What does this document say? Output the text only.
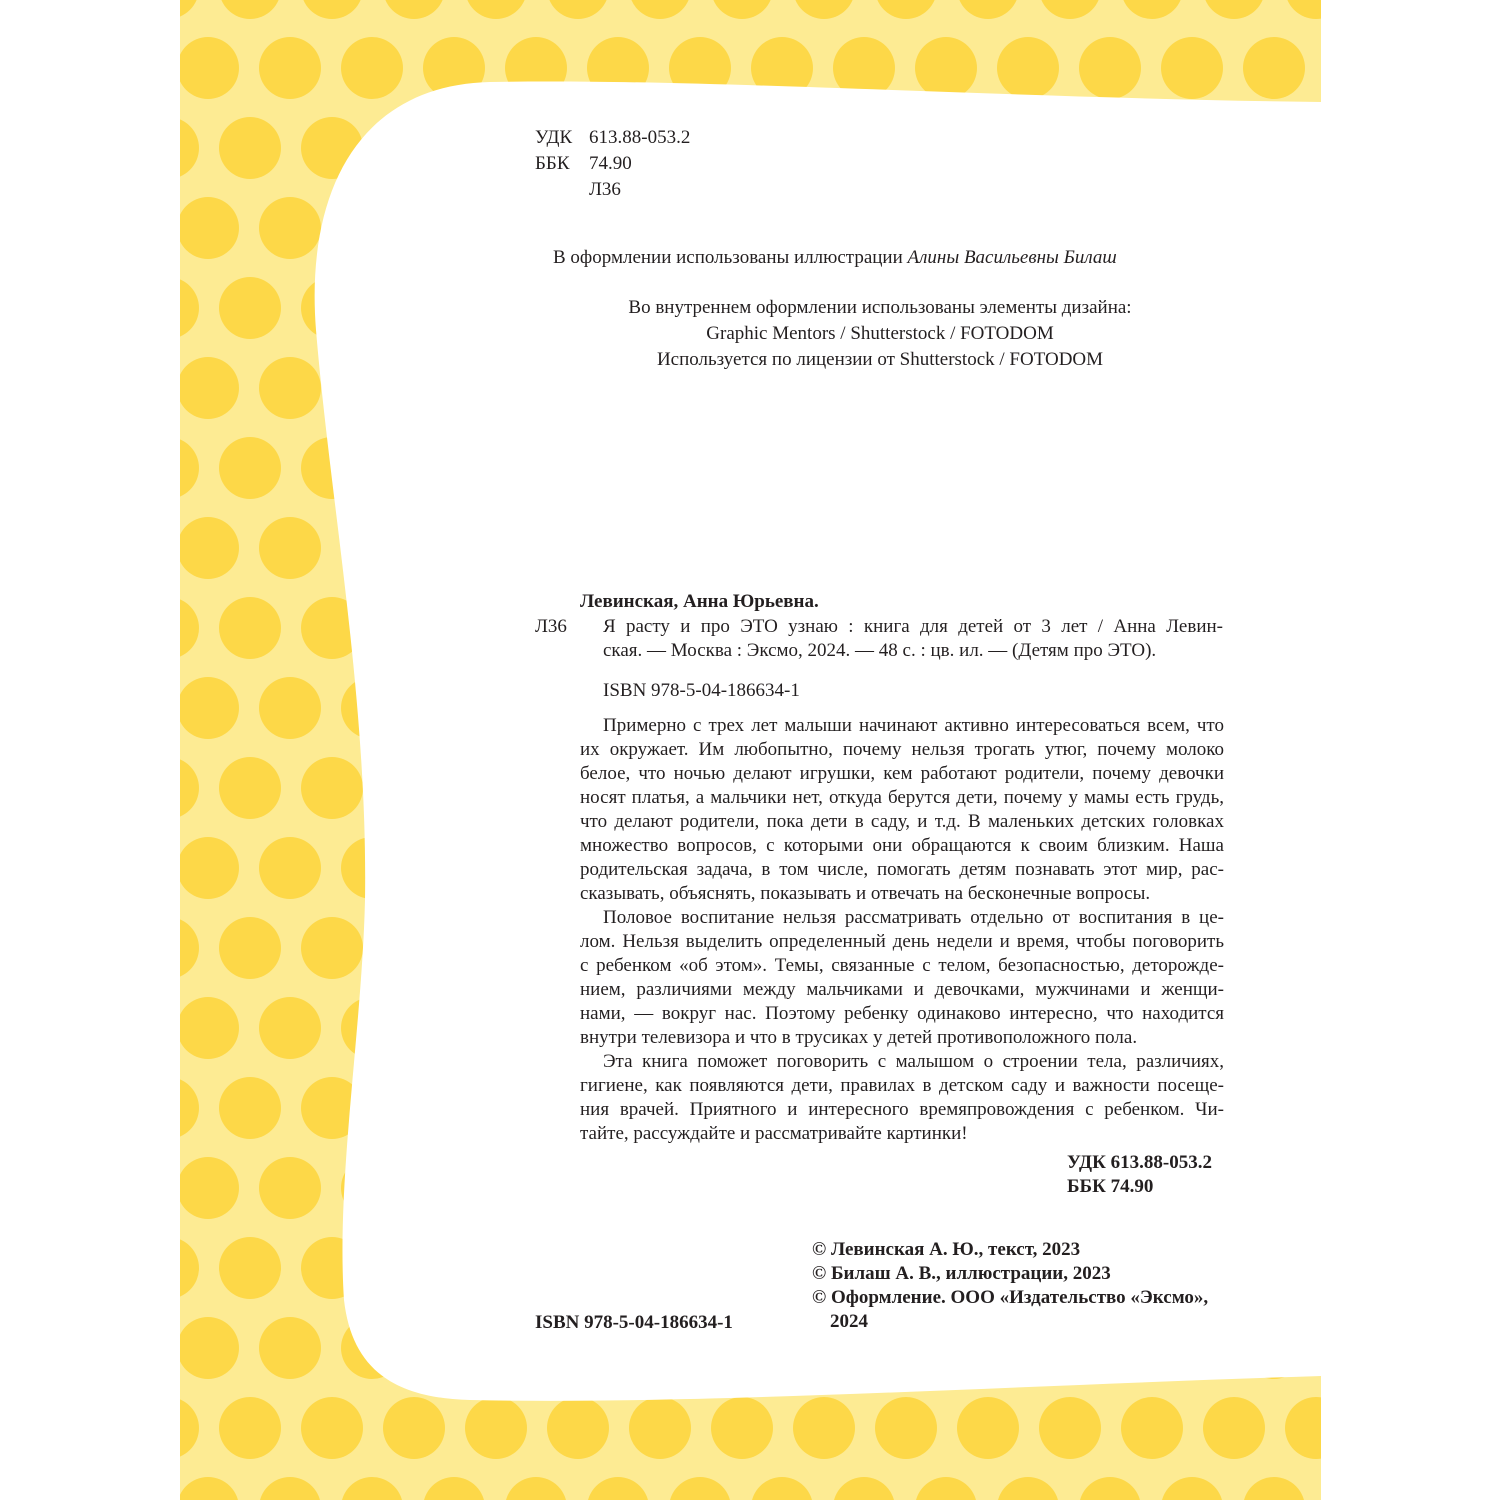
УДК 613.88-053.2
ББК 74.90
Л36
В оформлении использованы иллюстрации Алины Васильевны Билаш
Во внутреннем оформлении использованы элементы дизайна:
Graphic Mentors / Shutterstock / FOTODOM
Используется по лицензии от Shutterstock / FOTODOM
Левинская, Анна Юрьевна.
Л36 Я расту и про ЭТО узнаю : книга для детей от 3 лет / Анна Левин-
ская. — Москва : Эксмо, 2024. — 48 с. : цв. ил. — (Детям про ЭТО).
ISBN 978-5-04-186634-1
Примерно с трех лет малыши начинают активно интересоваться всем, что
их окружает. Им любопытно, почему нельзя трогать утюг, почему молоко
белое, что ночью делают игрушки, кем работают родители, почему девочки
носят платья, а мальчики нет, откуда берутся дети, почему у мамы есть грудь,
что делают родители, пока дети в саду, и т.д. В маленьких детских головках
множество вопросов, с которыми они обращаются к своим близким. Наша
родительская задача, в том числе, помогать детям познавать этот мир, рас-
сказывать, объяснять, показывать и отвечать на бесконечные вопросы.
Половое воспитание нельзя рассматривать отдельно от воспитания в це-
лом. Нельзя выделить определенный день недели и время, чтобы поговорить
с ребенком «об этом». Темы, связанные с телом, безопасностью, деторожде-
нием, различиями между мальчиками и девочками, мужчинами и женщи-
нами, — вокруг нас. Поэтому ребенку одинаково интересно, что находится
внутри телевизора и что в трусиках у детей противоположного пола.
Эта книга поможет поговорить с малышом о строении тела, различиях,
гигиене, как появляются дети, правилах в детском саду и важности посеще-
ния врачей. Приятного и интересного времяпровождения с ребенком. Чи-
тайте, рассуждайте и рассматривайте картинки!
УДК 613.88-053.2
ББК 74.90
© Левинская А. Ю., текст, 2023
© Билаш А. В., иллюстрации, 2023
© Оформление. ООО «Издательство «Эксмо»,
2024
ISBN 978-5-04-186634-1
